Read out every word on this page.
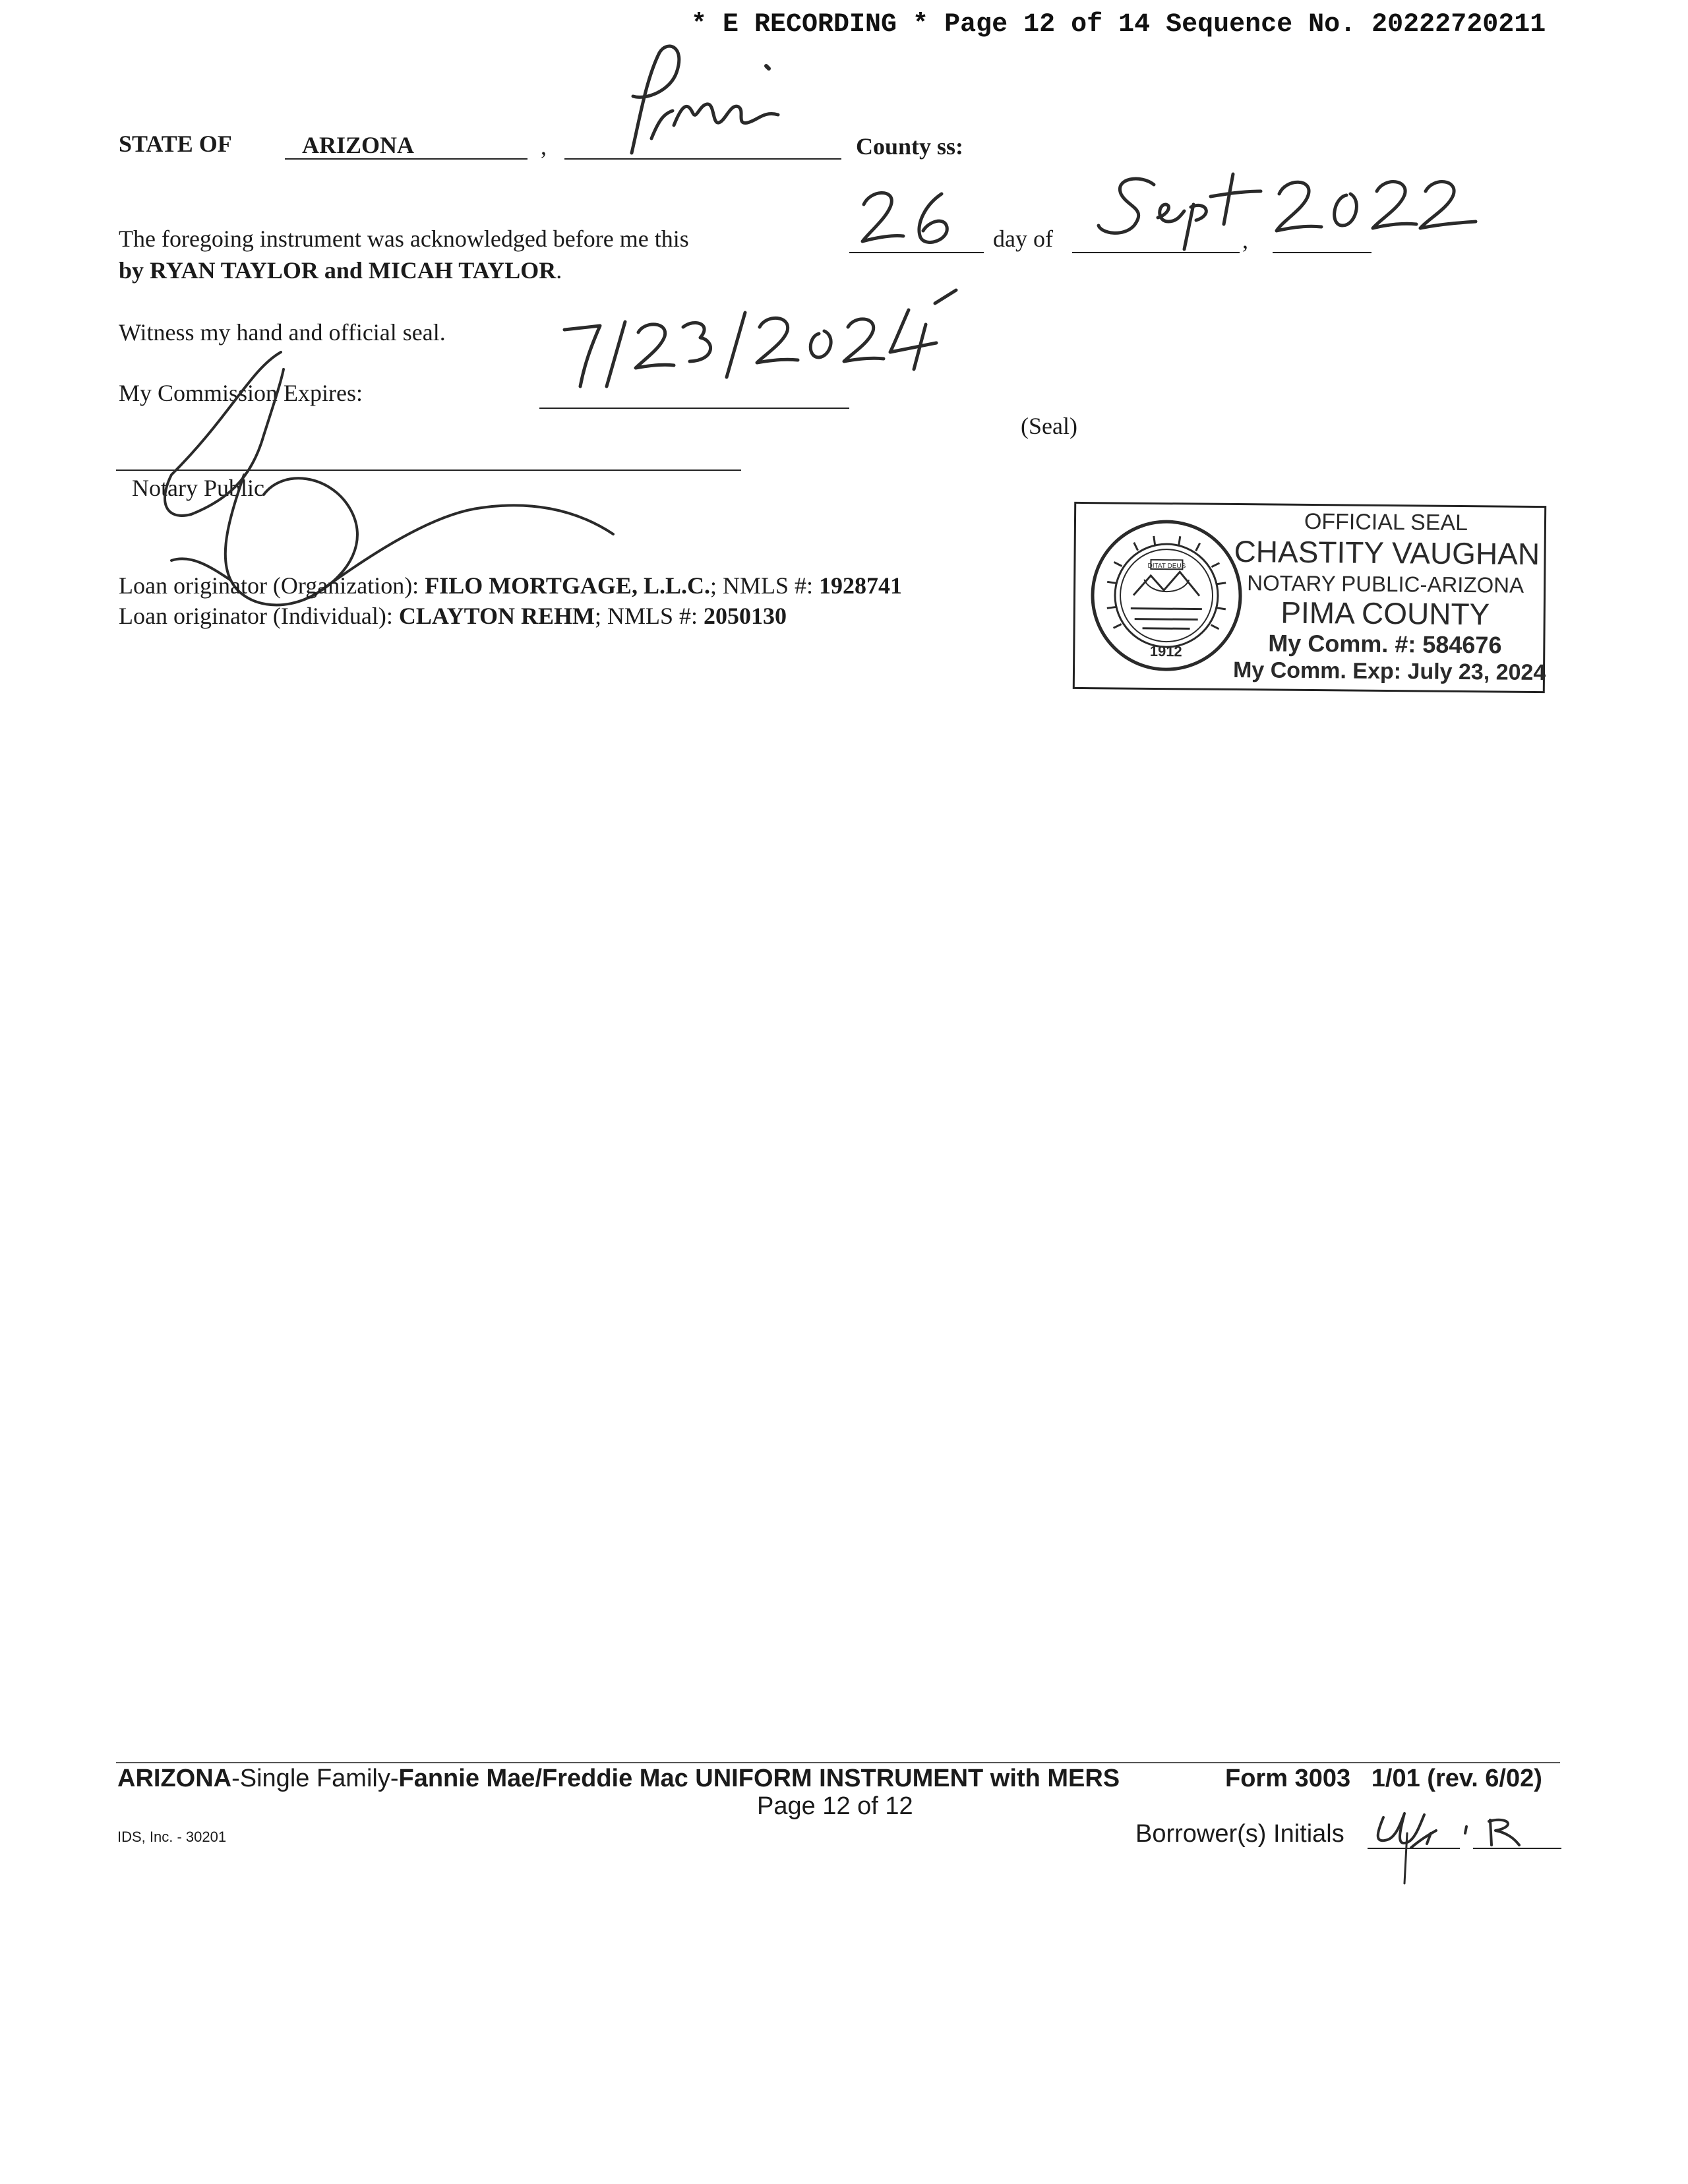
* E RECORDING * Page 12 of 14 Sequence No. 20222720211
STATE OF	ARIZONA	,	County ss:
The foregoing instrument was acknowledged before me this	day of	,
by RYAN TAYLOR and MICAH TAYLOR.
Witness my hand and official seal.
My Commission Expires:
(Seal)
Notary Public
Loan originator (Organization): FILO MORTGAGE, L.L.C.; NMLS #: 1928741
Loan originator (Individual): CLAYTON REHM; NMLS #: 2050130
1912
DITAT DEUS
OFFICIAL SEAL
CHASTITY VAUGHAN
NOTARY PUBLIC-ARIZONA
PIMA COUNTY
My Comm. #: 584676
My Comm. Exp: July 23, 2024
ARIZONA-Single Family-Fannie Mae/Freddie Mac UNIFORM INSTRUMENT with MERS	Form 3003 1/01 (rev. 6/02)
Page 12 of 12
IDS, Inc. - 30201	Borrower(s) Initials
